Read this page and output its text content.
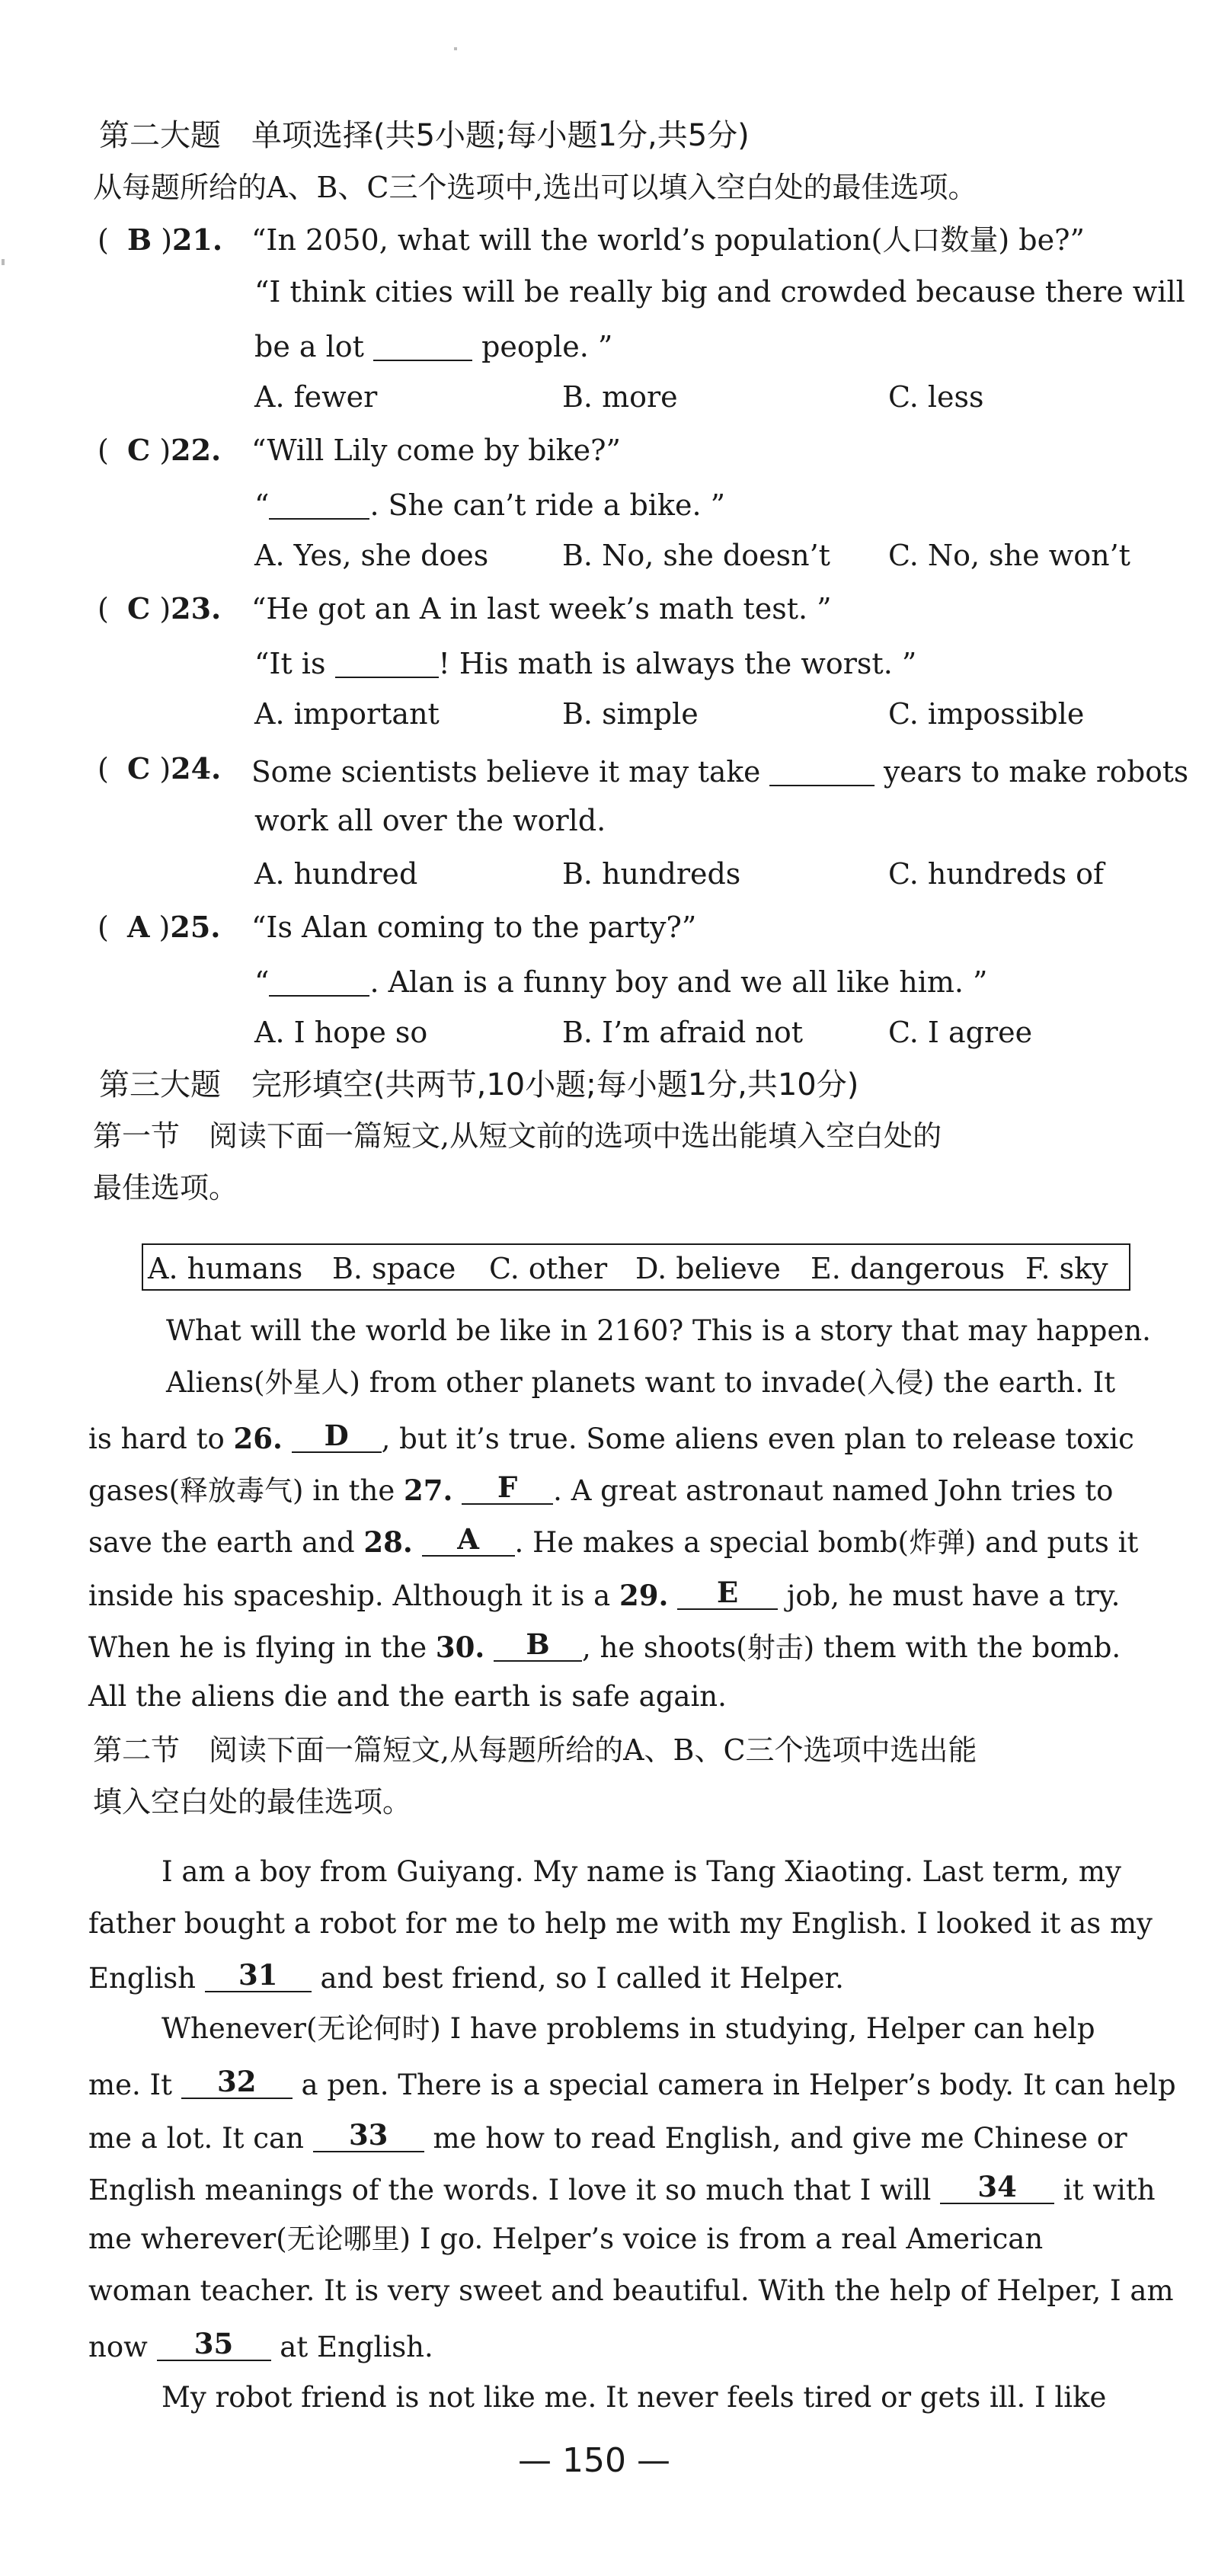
第二大题　单项选择(共5小题;每小题1分,共5分)
从每题所给的A、B、C三个选项中,选出可以填入空白处的最佳选项。
(  B )21. “In 2050, what will the world’s population(人口数量) be?”
“I think cities will be really big and crowded because there will
be a lot	people. ”
A. fewer	B. more	C. less
(  C )22. “Will Lily come by bike?”
“	. She can’t ride a bike. ”
A. Yes, she does	B. No, she doesn’t C. No, she won’t
(  C )23. “He got an A in last week’s math test. ”
“It is	! His math is always the worst. ”
A. important	B. simple	C. impossible
(  C )24. Some scientists believe it may take	years to make robots
work all over the world.
A. hundred	B. hundreds	C. hundreds of
(  A )25. “Is Alan coming to the party?”
“	. Alan is a funny boy and we all like him. ”
A. I hope so	B. I’m afraid not	C. I agree
第三大题　完形填空(共两节,10小题;每小题1分,共10分)
第一节　阅读下面一篇短文,从短文前的选项中选出能填入空白处的
最佳选项。
A. humans B. space C. other D. believe E. dangerous F. sky
What will the world be like in 2160? This is a story that may happen.
Aliens(外星人) from other planets want to invade(入侵) the earth. It
is hard to 26. D , but it’s true. Some aliens even plan to release toxic
gases(释放毒气) in the 27. F . A great astronaut named John tries to
save the earth and 28. A . He makes a special bomb(炸弹) and puts it
inside his spaceship. Although it is a 29. E job, he must have a try.
When he is flying in the 30. B , he shoots(射击) them with the bomb.
All the aliens die and the earth is safe again.
第二节　阅读下面一篇短文,从每题所给的A、B、C三个选项中选出能
填入空白处的最佳选项。
I am a boy from Guiyang. My name is Tang Xiaoting. Last term, my
father bought a robot for me to help me with my English. I looked it as my
English 31 and best friend, so I called it Helper.
Whenever(无论何时) I have problems in studying, Helper can help
me. It 32 a pen. There is a special camera in Helper’s body. It can help
me a lot. It can 33 me how to read English, and give me Chinese or
English meanings of the words. I love it so much that I will 34 it with
me wherever(无论哪里) I go. Helper’s voice is from a real American
woman teacher. It is very sweet and beautiful. With the help of Helper, I am
now 35 at English.
My robot friend is not like me. It never feels tired or gets ill. I like
— 150 —
